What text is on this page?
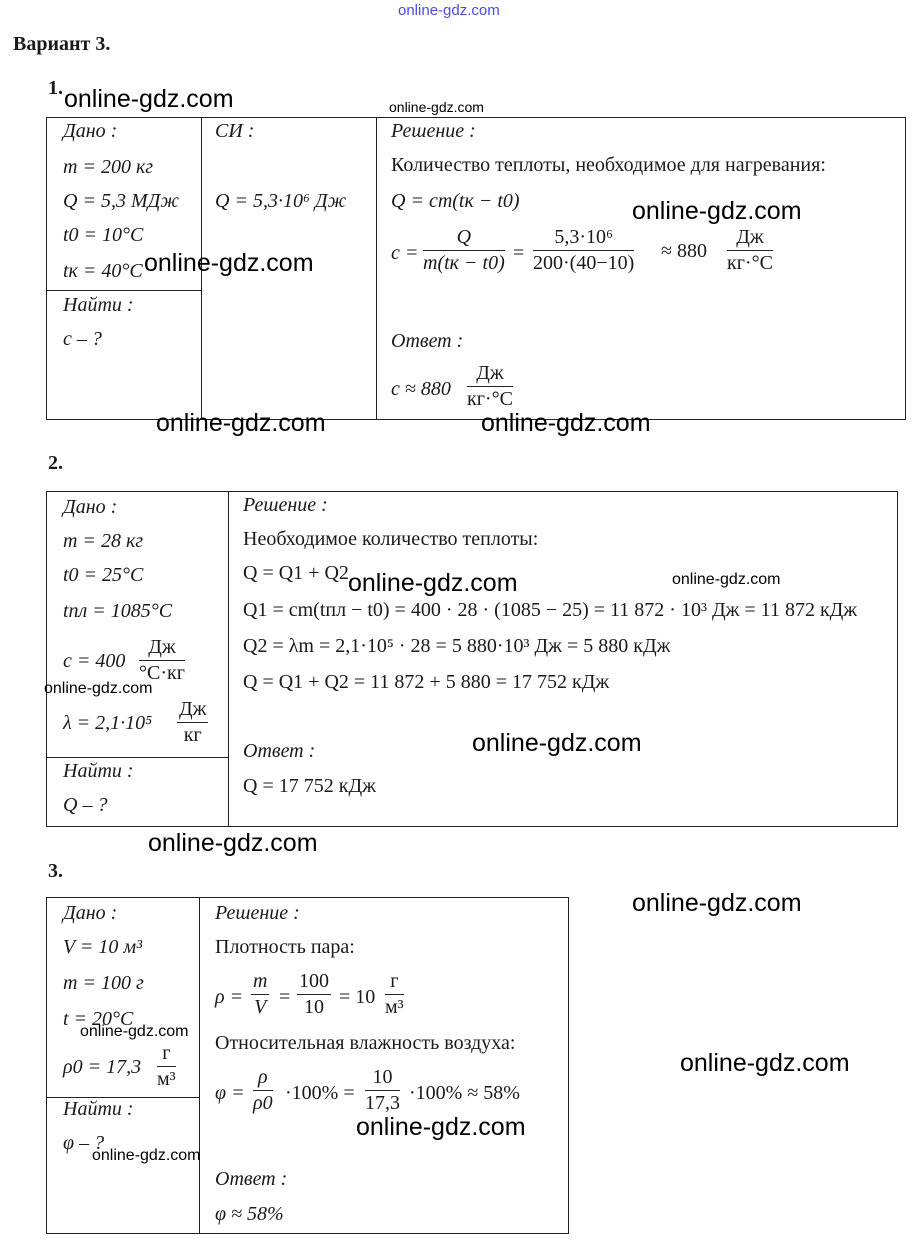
online-gdz.com
Вариант 3.
1.
Дано :
m = 200 кг
Q = 5,3 МДж
t0 = 10°C
tк = 40°C
Найти :
c – ?
СИ :
Q = 5,3·10⁶ Дж
Решение :
Количество теплоты, необходимое для нагревания:
Q = cm(tк − t0)
c =
Q
$m(tк - t0) = \frac{\text{5,3·10⁶}}{200\cdot(40-10)} \approx 880$
Дж
кг·°C
Ответ :
c ≈ 880
Дж
кг·°C
2.
Дано :
m = 28 кг
t0 = 25°C
tпл = 1085°C
c = 400
Дж
°C·кг
λ = 2,1·10⁵
Дж
кг
Найти :
Q – ?
Решение :
Необходимое количество теплоты:
Q = Q1 + Q2
Q1 = cm(tпл − t0) = 400 · 28 · (1085 − 25) = 11 872 · 10³ Дж = 11 872 кДж
Q2 = λm = 2,1·10⁵ · 28 = 5 880·10³ Дж = 5 880 кДж
Q = Q1 + Q2 = 11 872 + 5 880 = 17 752 кДж
Ответ :
Q = 17 752 кДж
3.
Дано :
V = 10 м³
m = 100 г
t = 20°C
ρ0 = 17,3
г
м³
Найти :
φ – ?
Решение :
Плотность пара:
$\rho = \frac{m}{V} = \frac{100}{10} = 10$
г
м³
Относительная влажность воздуха:
$\varphi = \frac{\rho}{\rho 0} \cdot 100\% = \frac{10}{17,3} \cdot 100\% \approx 58\%$
Ответ :
φ ≈ 58%
online-gdz.com	online-gdz.com
online-gdz.com
online-gdz.com
online-gdz.com	online-gdz.com
online-gdz.com	online-gdz.com
online-gdz.com
online-gdz.com
online-gdz.com
online-gdz.com
online-gdz.com
online-gdz.com
online-gdz.com
online-gdz.com
